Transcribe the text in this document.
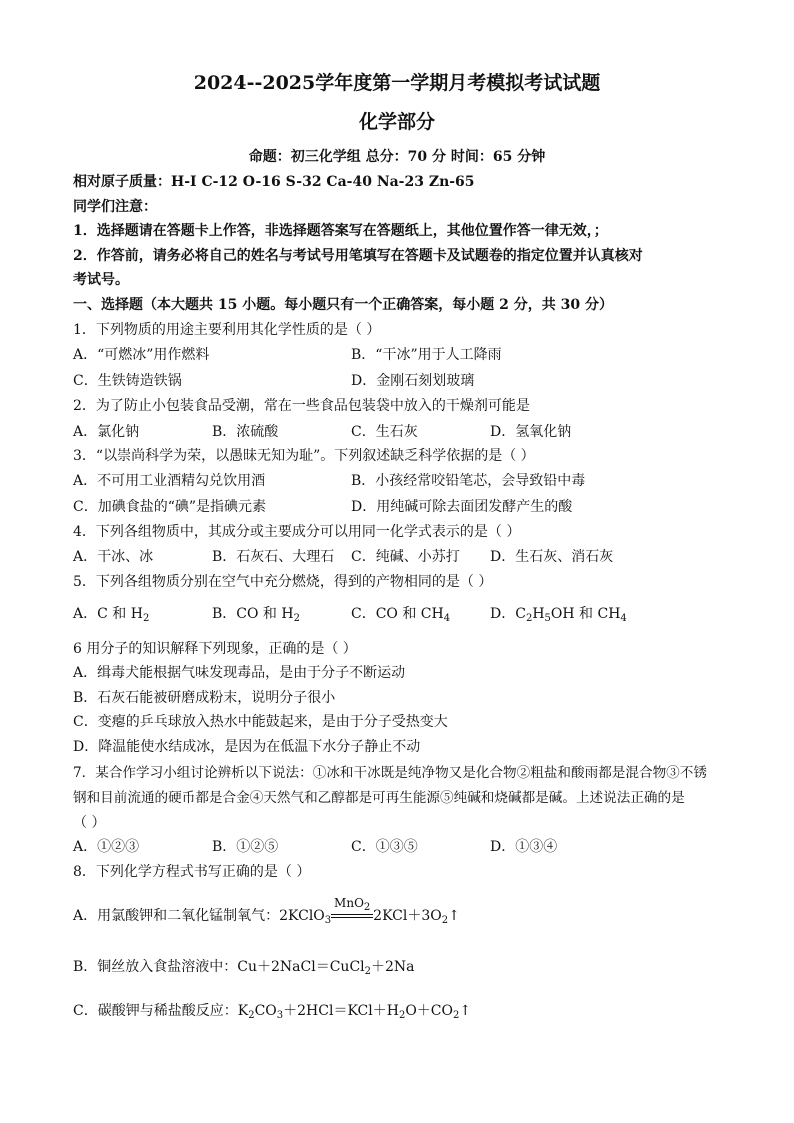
2024--2025学年度第一学期月考模拟考试试题
化学部分
命题：初三化学组 总分：70 分 时间：65 分钟
相对原子质量：H-I C-12 O-16 S-32 Ca-40 Na-23 Zn-65
同学们注意：
1．选择题请在答题卡上作答，非选择题答案写在答题纸上，其他位置作答一律无效，；
2．作答前，请务必将自己的姓名与考试号用笔填写在答题卡及试题卷的指定位置并认真核对
考试号。
一、选择题（本大题共 15 小题。每小题只有一个正确答案，每小题 2 分，共 30 分）
1．下列物质的用途主要利用其化学性质的是（ ）
A．“可燃冰”用作燃料	B．“干冰”用于人工降雨
C．生铁铸造铁锅	D．金刚石刻划玻璃
2．为了防止小包装食品受潮，常在一些食品包装袋中放入的干燥剂可能是
A．氯化钠	B．浓硫酸	C．生石灰	D．氢氧化钠
3．“以崇尚科学为荣，以愚昧无知为耻”。下列叙述缺乏科学依据的是（ ）
A．不可用工业酒精勾兑饮用酒	B．小孩经常咬铅笔芯，会导致铅中毒
C．加碘食盐的“碘”是指碘元素	D．用纯碱可除去面团发酵产生的酸
4．下列各组物质中，其成分或主要成分可以用同一化学式表示的是（ ）
A．干冰、冰	B．石灰石、大理石 C．纯碱、小苏打 D．生石灰、消石灰
5．下列各组物质分别在空气中充分燃烧，得到的产物相同的是（ ）
A．C 和 $H_2$	B．CO 和 $H_2$	C．CO 和 $CH_4$	D．$C_2H_5OH$ 和 $CH_4$
6 用分子的知识解释下列现象，正确的是（ ）
A．缉毒犬能根据气味发现毒品，是由于分子不断运动
B．石灰石能被研磨成粉末，说明分子很小
C．变瘪的乒乓球放入热水中能鼓起来，是由于分子受热变大
D．降温能使水结成冰，是因为在低温下水分子静止不动
7．某合作学习小组讨论辨析以下说法：①冰和干冰既是纯净物又是化合物②粗盐和酸雨都是混合物③不锈
钢和目前流通的硬币都是合金④天然气和乙醇都是可再生能源⑤纯碱和烧碱都是碱。上述说法正确的是
（ ）
A．①②③	B．①②⑤	C．①③⑤	D．①③④
8．下列化学方程式书写正确的是（ ）
A．用氯酸钾和二氧化锰制氧气：2KClO$_3$
MnO$_2$
$2KCl+3O_2↑$
B．铜丝放入食盐溶液中：Cu＋2NaCl＝CuCl$_2$＋2Na
C．碳酸钾与稀盐酸反应：$K_2CO_3+2HCl=KCl+H_2O+CO_2↑$
